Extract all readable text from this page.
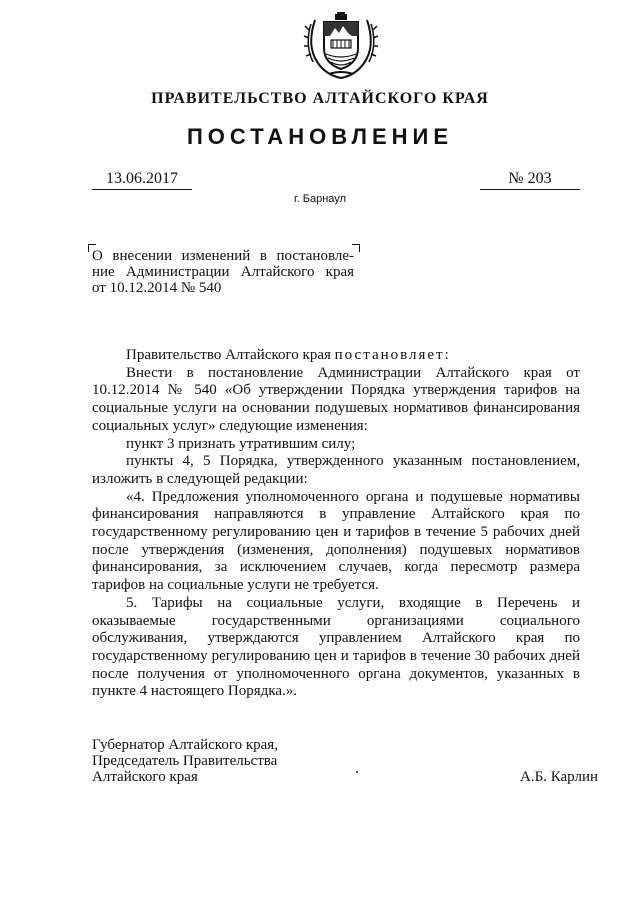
ПРАВИТЕЛЬСТВО АЛТАЙСКОГО КРАЯ
ПОСТАНОВЛЕНИЕ
13.06.2017	№ 203
г. Барнаул
О внесении изменений в постановле-
ние Администрации Алтайского края
от 10.12.2014 № 540

Правительство Алтайского края постановляет:

Внести в постановление Администрации Алтайского края от 10.12.2014 № 540 «Об утверждении Порядка утверждения тарифов на социальные услуги на основании подушевых нормативов финансирования социальных услуг» следующие изменения:

пункт 3 признать утратившим силу;

пункты 4, 5 Порядка, утвержденного указанным постановлением, изложить в следующей редакции:

«4. Предложения уполномоченного органа и подушевые нормативы финансирования направляются в управление Алтайского края по государственному регулированию цен и тарифов в течение 5 рабочих дней после утверждения (изменения, дополнения) подушевых нормативов финансирования, за исключением случаев, когда пересмотр размера тарифов на социальные услуги не требуется.

5. Тарифы на социальные услуги, входящие в Перечень и оказываемые государственными организациями социального обслуживания, утверждаются управлением Алтайского края по государственному регулированию цен и тарифов в течение 30 рабочих дней после получения от уполномоченного органа документов, указанных в пункте 4 настоящего Порядка.».

Губернатор Алтайского края,
Председатель Правительства
Алтайского края	А.Б. Карлин
